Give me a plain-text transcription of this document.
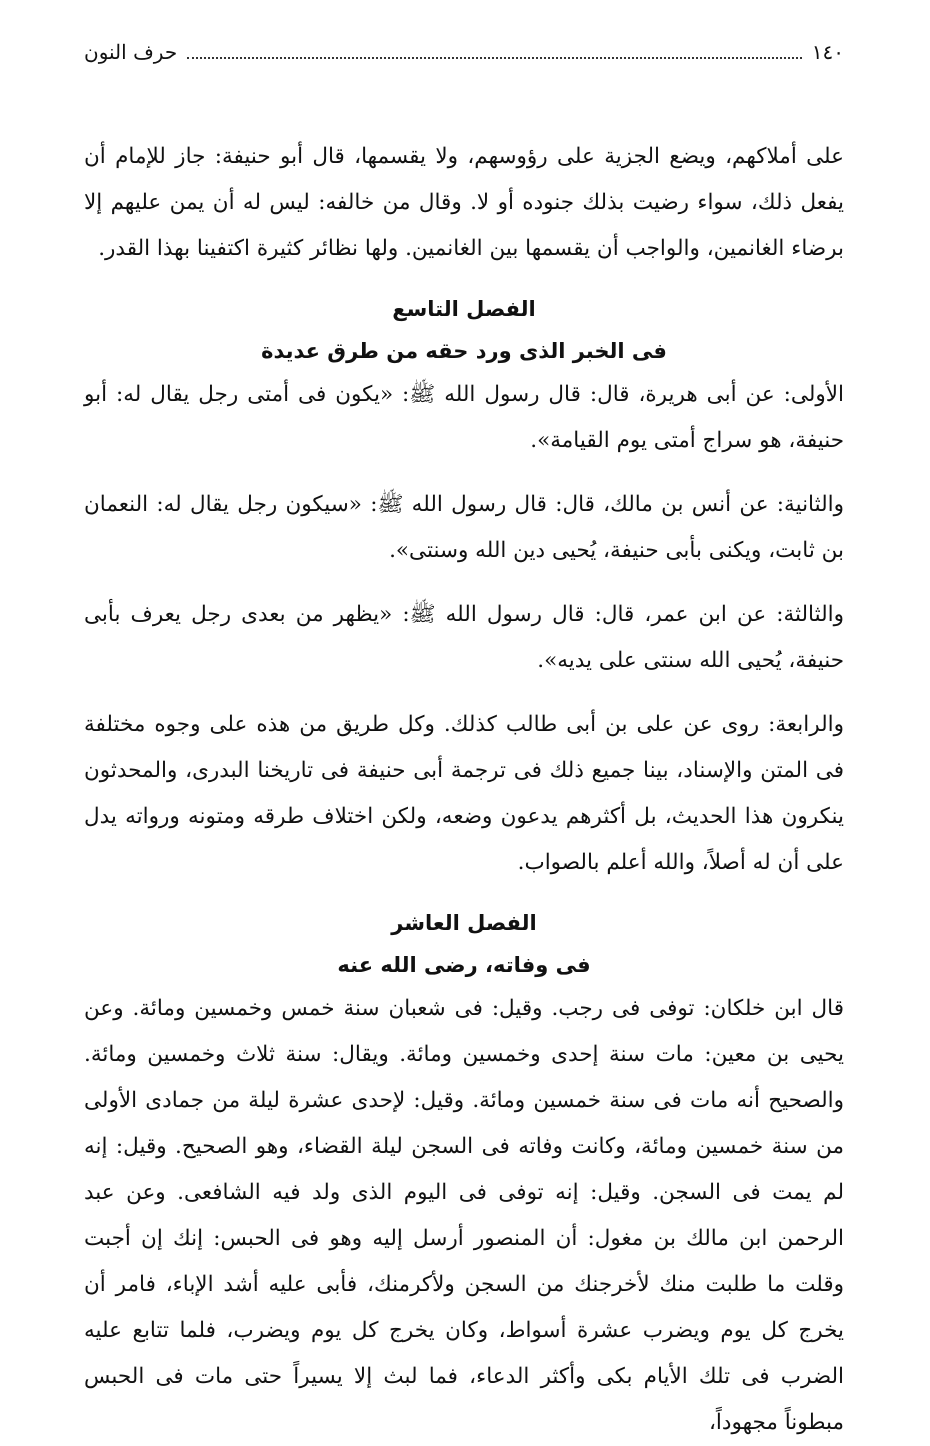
١٤٠
حرف النون

على أملاكهم، ويضع الجزية على رؤوسهم، ولا يقسمها، قال أبو حنيفة: جاز للإمام أن يفعل ذلك، سواء رضيت بذلك جنوده أو لا. وقال من خالفه: ليس له أن يمن عليهم إلا برضاء الغانمين، والواجب أن يقسمها بين الغانمين. ولها نظائر كثيرة اكتفينا بهذا القدر.

الفصل التاسع
فى الخبر الذى ورد حقه من طرق عديدة

الأولى: عن أبى هريرة، قال: قال رسول الله ﷺ: «يكون فى أمتى رجل يقال له: أبو حنيفة، هو سراج أمتى يوم القيامة».

والثانية: عن أنس بن مالك، قال: قال رسول الله ﷺ: «سيكون رجل يقال له: النعمان بن ثابت، ويكنى بأبى حنيفة، يُحيى دين الله وسنتى».

والثالثة: عن ابن عمر، قال: قال رسول الله ﷺ: «يظهر من بعدى رجل يعرف بأبى حنيفة، يُحيى الله سنتى على يديه».

والرابعة: روى عن على بن أبى طالب كذلك. وكل طريق من هذه على وجوه مختلفة فى المتن والإسناد، بينا جميع ذلك فى ترجمة أبى حنيفة فى تاريخنا البدرى، والمحدثون ينكرون هذا الحديث، بل أكثرهم يدعون وضعه، ولكن اختلاف طرقه ومتونه ورواته يدل على أن له أصلاً، والله أعلم بالصواب.

الفصل العاشر
فى وفاته، رضى الله عنه

قال ابن خلكان: توفى فى رجب. وقيل: فى شعبان سنة خمس وخمسين ومائة. وعن يحيى بن معين: مات سنة إحدى وخمسين ومائة. ويقال: سنة ثلاث وخمسين ومائة. والصحيح أنه مات فى سنة خمسين ومائة. وقيل: لإحدى عشرة ليلة من جمادى الأولى من سنة خمسين ومائة، وكانت وفاته فى السجن ليلة القضاء، وهو الصحيح. وقيل: إنه لم يمت فى السجن. وقيل: إنه توفى فى اليوم الذى ولد فيه الشافعى. وعن عبد الرحمن ابن مالك بن مغول: أن المنصور أرسل إليه وهو فى الحبس: إنك إن أجبت وقلت ما طلبت منك لأخرجنك من السجن ولأكرمنك، فأبى عليه أشد الإباء، فامر أن يخرج كل يوم ويضرب عشرة أسواط، وكان يخرج كل يوم ويضرب، فلما تتابع عليه الضرب فى تلك الأيام بكى وأكثر الدعاء، فما لبث إلا يسيراً حتى مات فى الحبس مبطوناً مجهوداً،
